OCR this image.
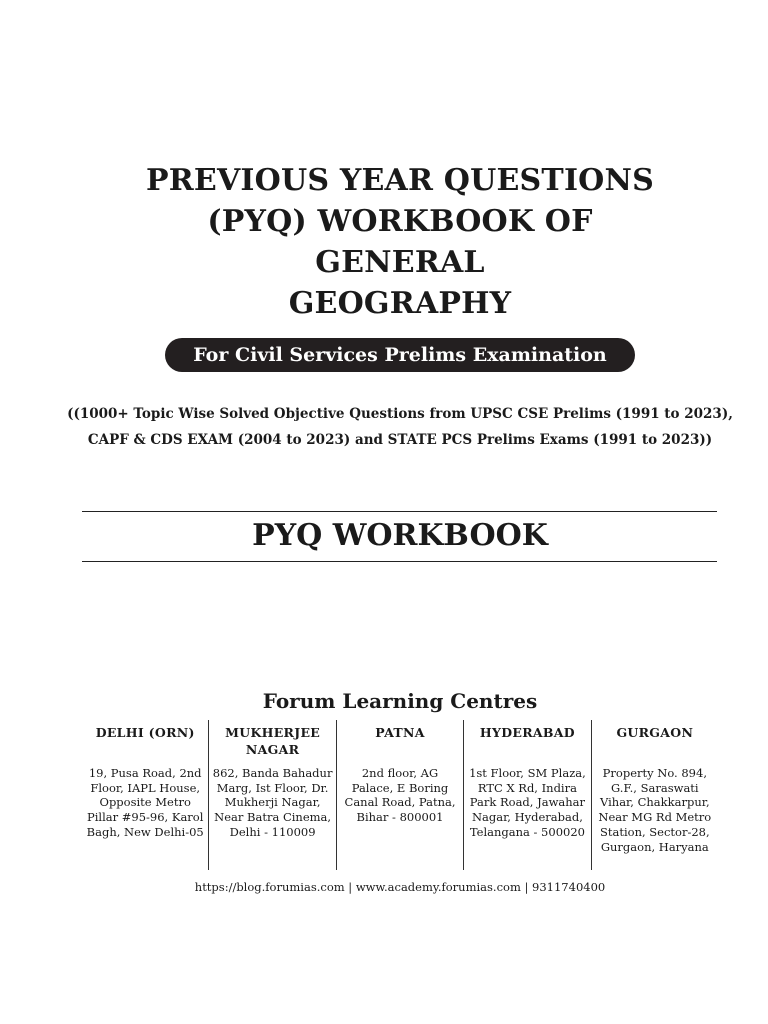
PREVIOUS YEAR QUESTIONS
(PYQ) WORKBOOK OF
GENERAL
GEOGRAPHY
For Civil Services Prelims Examination
((1000+ Topic Wise Solved Objective Questions from UPSC CSE Prelims (1991 to 2023),
CAPF & CDS EXAM (2004 to 2023) and STATE PCS Prelims Exams (1991 to 2023))
PYQ WORKBOOK
Forum Learning Centres
DELHI (ORN)
19, Pusa Road, 2nd Floor, IAPL House, Opposite Metro Pillar #95-96, Karol Bagh, New Delhi-05
MUKHERJEE NAGAR
862, Banda Bahadur Marg, Ist Floor, Dr. Mukherji Nagar, Near Batra Cinema, Delhi - 110009
PATNA
2nd floor, AG Palace, E Boring Canal Road, Patna, Bihar - 800001
HYDERABAD
1st Floor, SM Plaza, RTC X Rd, Indira Park Road, Jawahar Nagar, Hyderabad, Telangana - 500020
GURGAON
Property No. 894, G.F., Saraswati Vihar, Chakkarpur, Near MG Rd Metro Station, Sector-28, Gurgaon, Haryana
https://blog.forumias.com | www.academy.forumias.com | 9311740400
